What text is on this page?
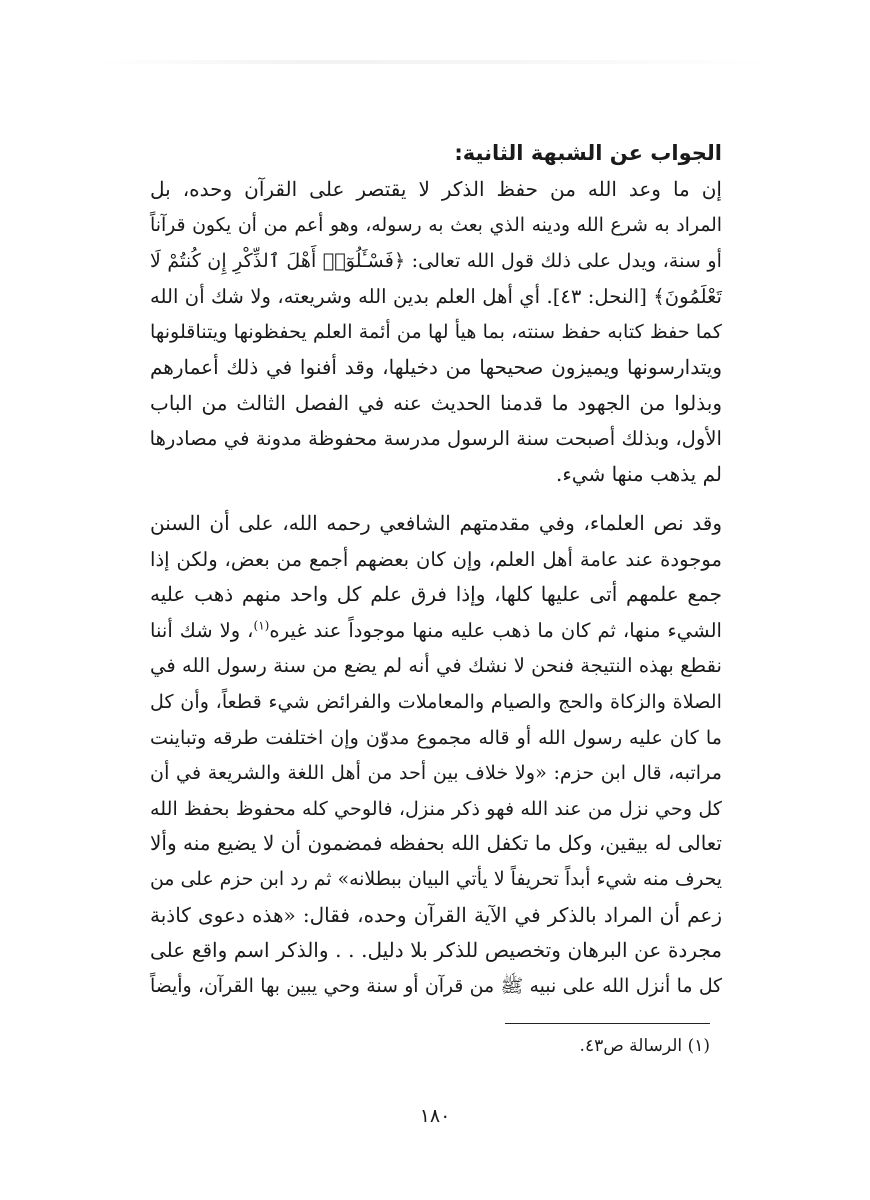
الجواب عن الشبهة الثانية:
إن ما وعد الله من حفظ الذكر لا يقتصر على القرآن وحده، بل
المراد به شرع الله ودينه الذي بعث به رسوله، وهو أعم من أن يكون قرآناً
أو سنة، ويدل على ذلك قول الله تعالى: ﴿فَسْـَٔلُوٓا۟ أَهْلَ ٱلذِّكْرِ إِن كُنتُمْ لَا
تَعْلَمُونَ﴾ [النحل: ٤٣]. أي أهل العلم بدين الله وشريعته، ولا شك أن الله
كما حفظ كتابه حفظ سنته، بما هيأ لها من أئمة العلم يحفظونها ويتناقلونها
ويتدارسونها ويميزون صحيحها من دخيلها، وقد أفنوا في ذلك أعمارهم
وبذلوا من الجهود ما قدمنا الحديث عنه في الفصل الثالث من الباب
الأول، وبذلك أصبحت سنة الرسول مدرسة محفوظة مدونة في مصادرها
لم يذهب منها شيء.
وقد نص العلماء، وفي مقدمتهم الشافعي رحمه الله، على أن السنن
موجودة عند عامة أهل العلم، وإن كان بعضهم أجمع من بعض، ولكن إذا
جمع علمهم أتى عليها كلها، وإذا فرق علم كل واحد منهم ذهب عليه
الشيء منها، ثم كان ما ذهب عليه منها موجوداً عند غيره$^{(١)}$، ولا شك أننا
نقطع بهذه النتيجة فنحن لا نشك في أنه لم يضع من سنة رسول الله في
الصلاة والزكاة والحج والصيام والمعاملات والفرائض شيء قطعاً، وأن كل
ما كان عليه رسول الله أو قاله مجموع مدوّن وإن اختلفت طرقه وتباينت
مراتبه، قال ابن حزم: «ولا خلاف بين أحد من أهل اللغة والشريعة في أن
كل وحي نزل من عند الله فهو ذكر منزل، فالوحي كله محفوظ بحفظ الله
تعالى له بيقين، وكل ما تكفل الله بحفظه فمضمون أن لا يضيع منه وألا
يحرف منه شيء أبداً تحريفاً لا يأتي البيان ببطلانه» ثم رد ابن حزم على من
زعم أن المراد بالذكر في الآية القرآن وحده، فقال: «هذه دعوى كاذبة
مجردة عن البرهان وتخصيص للذكر بلا دليل. . . والذكر اسم واقع على
كل ما أنزل الله على نبيه ﷺ من قرآن أو سنة وحي يبين بها القرآن، وأيضاً
(١) الرسالة ص٤٣.
١٨٠
